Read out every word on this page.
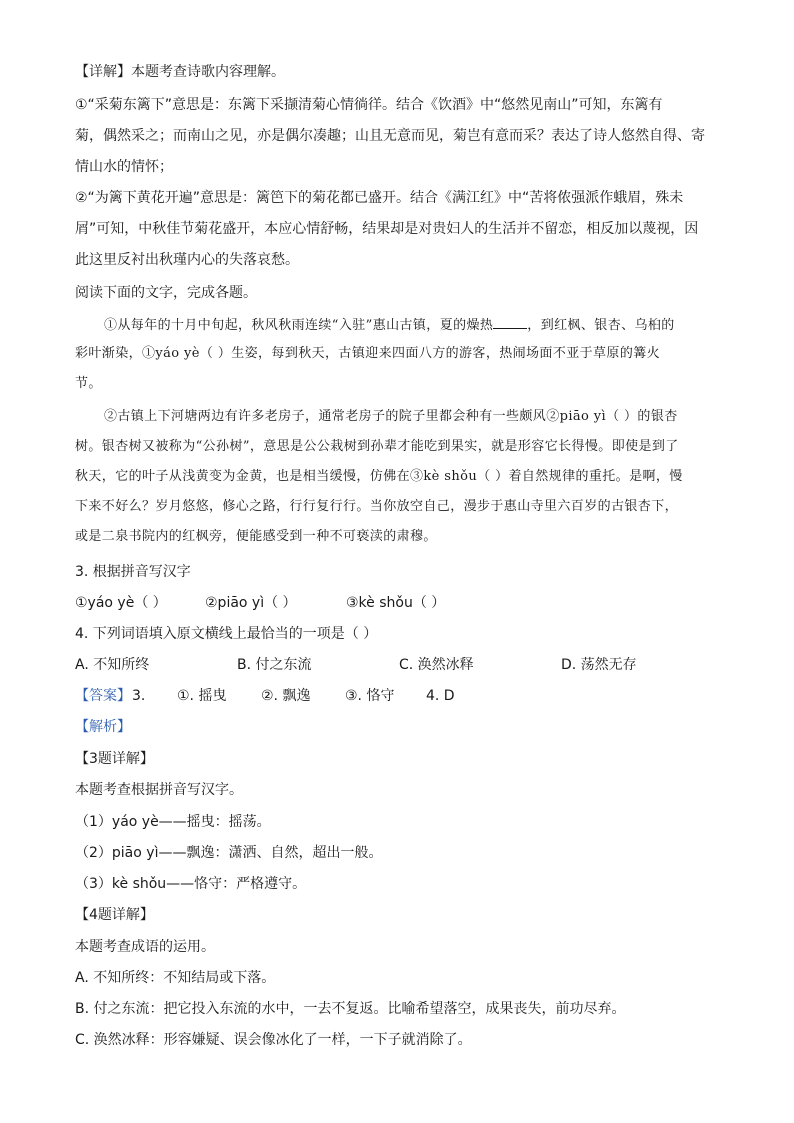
【详解】本题考查诗歌内容理解。
①“采菊东篱下”意思是：东篱下采撷清菊心情徜徉。结合《饮酒》中“悠然见南山”可知，东篱有
菊，偶然采之；而南山之见，亦是偶尔凑趣；山且无意而见，菊岂有意而采？表达了诗人悠然自得、寄
情山水的情怀；
②“为篱下黄花开遍”意思是：篱笆下的菊花都已盛开。结合《满江红》中“苦将侬强派作蛾眉，殊未
屑”可知，中秋佳节菊花盛开，本应心情舒畅，结果却是对贵妇人的生活并不留恋，相反加以蔑视，因
此这里反衬出秋瑾内心的失落哀愁。
阅读下面的文字，完成各题。
①从每年的十月中旬起，秋风秋雨连续“入驻”惠山古镇，夏的燥热	，到红枫、银杏、乌桕的
彩叶渐染，①yáo yè（ ）生姿，每到秋天，古镇迎来四面八方的游客，热闹场面不亚于草原的篝火
节。
②古镇上下河塘两边有许多老房子，通常老房子的院子里都会种有一些颇风②piāo yì（ ）的银杏
树。银杏树又被称为“公孙树”，意思是公公栽树到孙辈才能吃到果实，就是形容它长得慢。即使是到了
秋天，它的叶子从浅黄变为金黄，也是相当缓慢，仿佛在③kè shǒu（ ）着自然规律的重托。是啊，慢
下来不好么？岁月悠悠，修心之路，行行复行行。当你放空自己，漫步于惠山寺里六百岁的古银杏下，
或是二泉书院内的红枫旁，便能感受到一种不可亵渎的肃穆。
3. 根据拼音写汉字
①yáo yè（ ）	②piāo yì（ ）	③kè shǒu（ ）
4. 下列词语填入原文横线上最恰当的一项是（ ）
A. 不知所终	B. 付之东流	C. 涣然冰释	D. 荡然无存
【答案】 3. ①. 摇曳 ②. 飘逸 ③. 恪守 4. D
【解析】
【3题详解】
本题考查根据拼音写汉字。
（1）yáo yè——摇曳：摇荡。
（2）piāo yì——飘逸：潇洒、自然，超出一般。
（3）kè shǒu——恪守：严格遵守。
【4题详解】
本题考查成语的运用。
A. 不知所终：不知结局或下落。
B. 付之东流：把它投入东流的水中，一去不复返。比喻希望落空，成果丧失，前功尽弃。
C. 涣然冰释：形容嫌疑、误会像冰化了一样，一下子就消除了。
